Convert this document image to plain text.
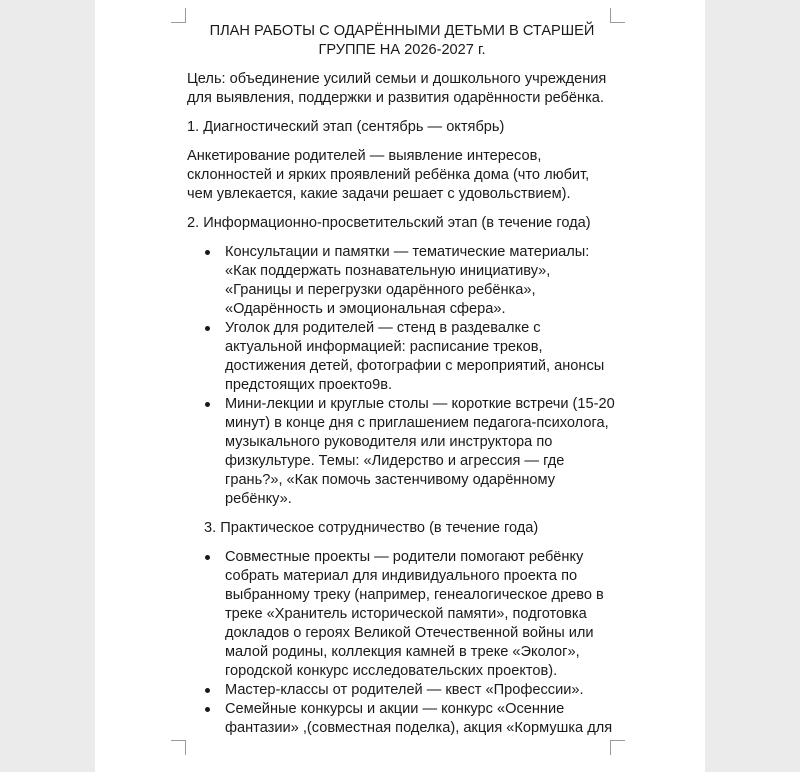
ПЛАН РАБОТЫ С ОДАРЁННЫМИ ДЕТЬМИ В СТАРШЕЙ ГРУППЕ НА 2026-2027 г.

Цель: объединение усилий семьи и дошкольного учреждения для выявления, поддержки и развития одарённости ребёнка.

1. Диагностический этап (сентябрь — октябрь)

Анкетирование родителей — выявление интересов, склонностей и ярких проявлений ребёнка дома (что любит, чем увлекается, какие задачи решает с удовольствием).

2. Информационно-просветительский этап (в течение года)

Консультации и памятки — тематические материалы: «Как поддержать познавательную инициативу», «Границы и перегрузки одарённого ребёнка», «Одарённость и эмоциональная сфера».
Уголок для родителей — стенд в раздевалке с актуальной информацией: расписание треков, достижения детей, фотографии с мероприятий, анонсы предстоящих проекто9в.
Мини-лекции и круглые столы — короткие встречи (15-20 минут) в конце дня с приглашением педагога-психолога, музыкального руководителя или инструктора по физкультуре. Темы: «Лидерство и агрессия — где грань?», «Как помочь застенчивому одарённому ребёнку».

3. Практическое сотрудничество (в течение года)

Совместные проекты — родители помогают ребёнку собрать материал для индивидуального проекта по выбранному треку (например, генеалогическое древо в треке «Хранитель исторической памяти», подготовка докладов о героях Великой Отечественной войны или малой родины, коллекция камней в треке «Эколог», городской конкурс исследовательских проектов).
Мастер-классы от родителей — квест «Профессии».
Семейные конкурсы и акции — конкурс «Осенние фантазии» ,(совместная поделка), акция «Кормушка для
